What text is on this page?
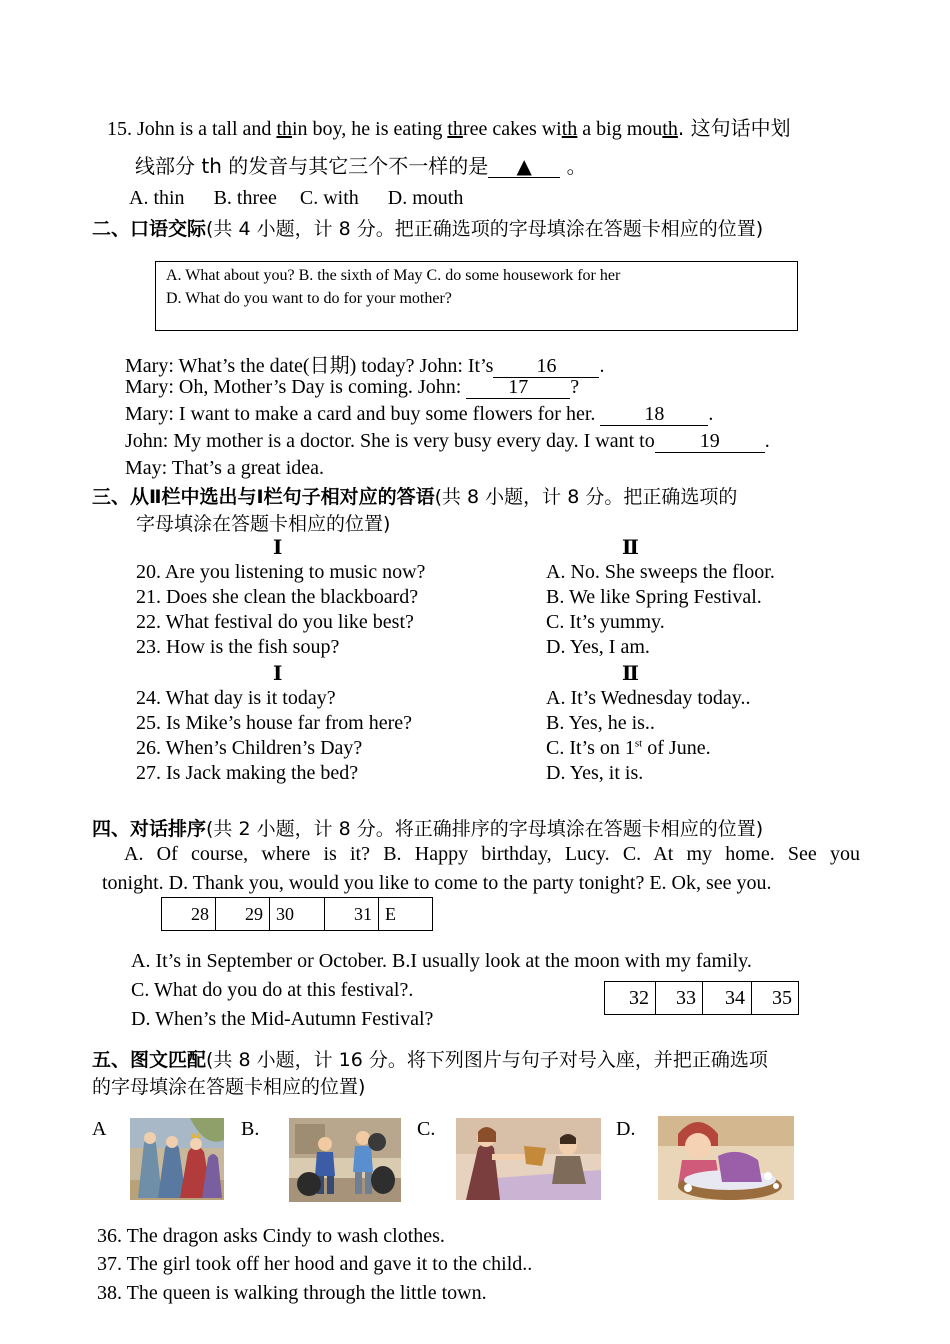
15. John is a tall and thin boy, he is eating three cakes with a big mouth. 这句话中划
线部分 th 的发音与其它三个不一样的是 ▲ 。
A. thin B. three C. with D. mouth
二、口语交际(共 4 小题，计 8 分。把正确选项的字母填涂在答题卡相应的位置)
A. What about you? B. the sixth of May C. do some housework for her
D. What do you want to do for your mother?
Mary: What’s the date(日期) today? John: It’s 16 .
Mary: Oh, Mother’s Day is coming. John: 17 ?
Mary: I want to make a card and buy some flowers for her. 18 .
John: My mother is a doctor. She is very busy every day. I want to 19 .
May: That’s a great idea.
三、从Ⅱ栏中选出与Ⅰ栏句子相对应的答语(共 8 小题，计 8 分。把正确选项的
字母填涂在答题卡相应的位置)
Ⅰ	Ⅱ
20. Are you listening to music now?
21. Does she clean the blackboard?
22. What festival do you like best?
23. How is the fish soup?
A. No. She sweeps the floor.
B. We like Spring Festival.
C. It’s yummy.
D. Yes, I am.
Ⅰ	Ⅱ
24. What day is it today?
25. Is Mike’s house far from here?
26. When’s Children’s Day?
27. Is Jack making the bed?
A. It’s Wednesday today..
B. Yes, he is..
C. It’s on 1st of June.
D. Yes, it is.
四、对话排序(共 2 小题，计 8 分。将正确排序的字母填涂在答题卡相应的位置)
A. Of course, where is it? B. Happy birthday, Lucy. C. At my home. See you
tonight. D. Thank you, would you like to come to the party tonight? E. Ok, see you.
28	29	30	31	E
A. It’s in September or October. B.I usually look at the moon with my family.
C. What do you do at this festival?.
D. When’s the Mid-Autumn Festival?
32	33	34	35
五、图文匹配(共 8 小题，计 16 分。将下列图片与句子对号入座，并把正确选项
的字母填涂在答题卡相应的位置)
A	B.	C.	D.
36. The dragon asks Cindy to wash clothes.
37. The girl took off her hood and gave it to the child..
38. The queen is walking through the little town.
